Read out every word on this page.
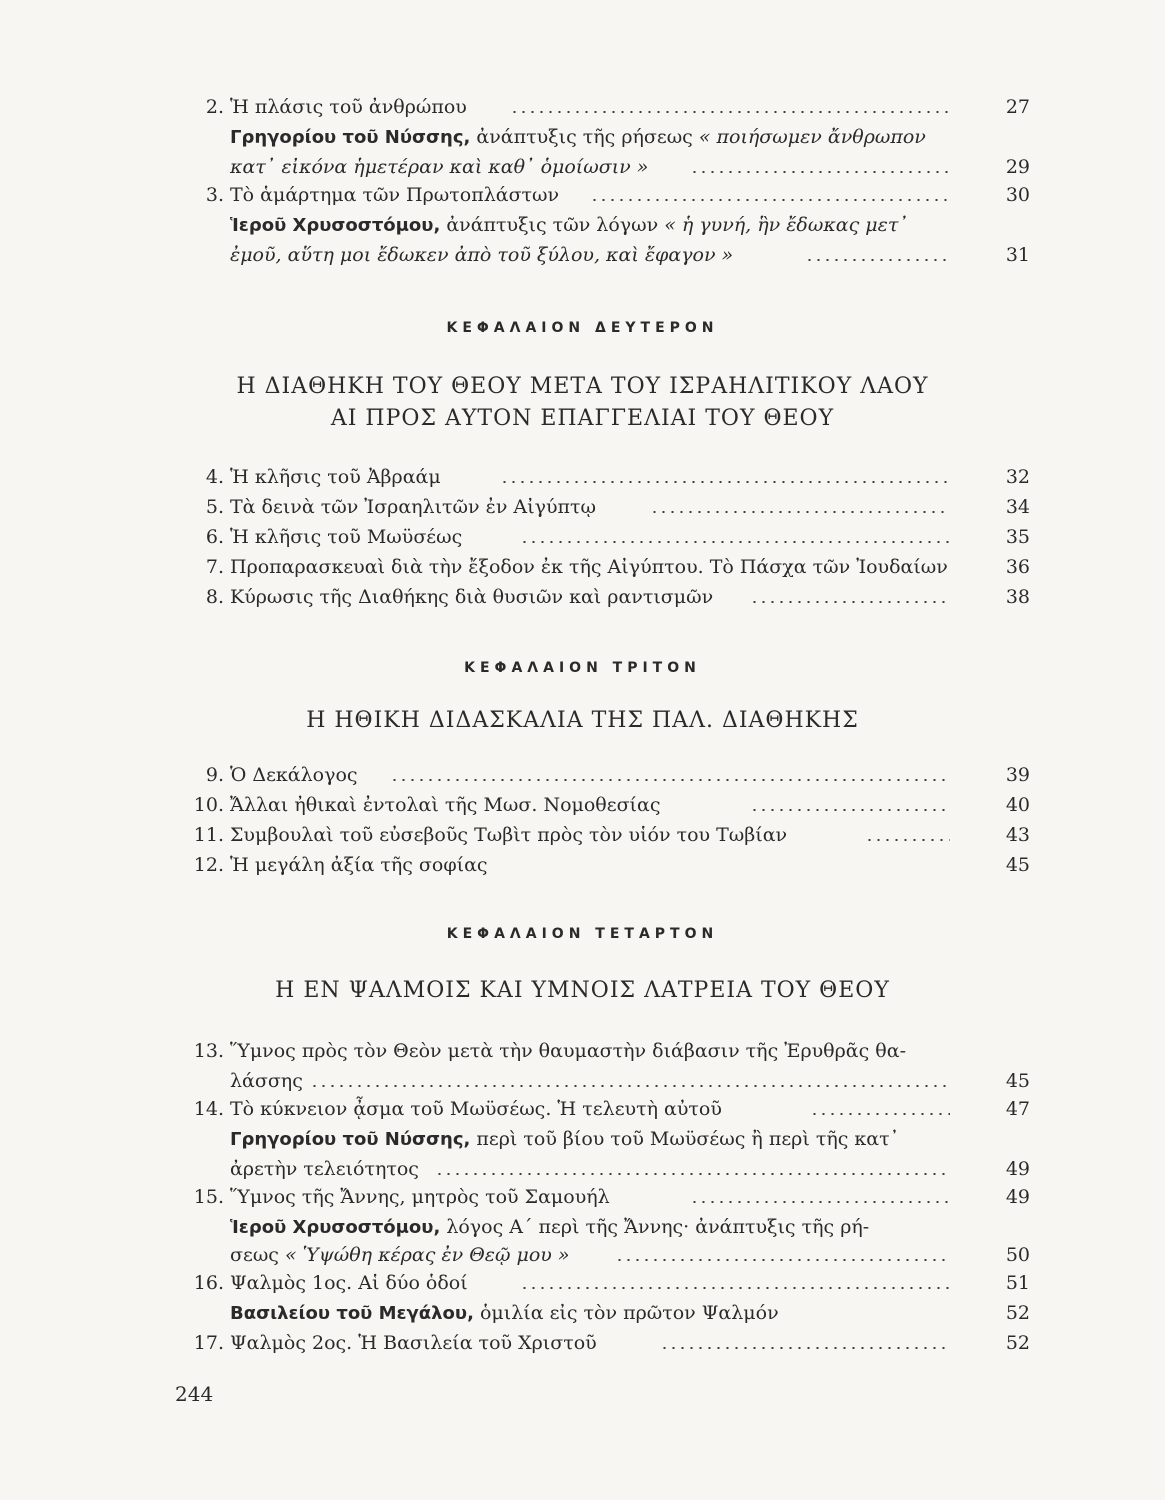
2. Ἡ πλάσις τοῦ ἀνθρώπου	27
Γρηγορίου τοῦ Νύσσης, ἀνάπτυξις τῆς ρήσεως « ποιήσωμεν ἄνθρωπον
κατ᾽ εἰκόνα ἡμετέραν καὶ καθ᾽ ὁμοίωσιν »	29
3. Τὸ ἁμάρτημα τῶν Πρωτοπλάστων	30
Ἱεροῦ Χρυσοστόμου, ἀνάπτυξις τῶν λόγων « ἡ γυνή, ἣν ἔδωκας μετ᾽
ἐμοῦ, αὕτη μοι ἔδωκεν ἀπὸ τοῦ ξύλου, καὶ ἔφαγον »	31
ΚΕΦΑΛΑΙΟΝ ΔΕΥΤΕΡΟΝ
Η ΔΙΑΘΗΚΗ ΤΟΥ ΘΕΟΥ ΜΕΤΑ ΤΟΥ ΙΣΡΑΗΛΙΤΙΚΟΥ ΛΑΟΥ
ΑΙ ΠΡΟΣ ΑΥΤΟΝ ΕΠΑΓΓΕΛΙΑΙ ΤΟΥ ΘΕΟΥ
4. Ἡ κλῆσις τοῦ Ἀβραάμ	32
5. Τὰ δεινὰ τῶν Ἰσραηλιτῶν ἐν Αἰγύπτῳ	34
6. Ἡ κλῆσις τοῦ Μωϋσέως	35
7. Προπαρασκευαὶ διὰ τὴν ἔξοδον ἐκ τῆς Αἰγύπτου. Τὸ Πάσχα τῶν Ἰουδαίων	36
8. Κύρωσις τῆς Διαθήκης διὰ θυσιῶν καὶ ραντισμῶν	38
ΚΕΦΑΛΑΙΟΝ ΤΡΙΤΟΝ
Η ΗΘΙΚΗ ΔΙΔΑΣΚΑΛΙΑ ΤΗΣ ΠΑΛ. ΔΙΑΘΗΚΗΣ
9. Ὁ Δεκάλογος	39
10. Ἄλλαι ἠθικαὶ ἐντολαὶ τῆς Μωσ. Νομοθεσίας	40
11. Συμβουλαὶ τοῦ εὐσεβοῦς Τωβὶτ πρὸς τὸν υἱόν του Τωβίαν	43
12. Ἡ μεγάλη ἀξία τῆς σοφίας	45
ΚΕΦΑΛΑΙΟΝ ΤΕΤΑΡΤΟΝ
Η ΕΝ ΨΑΛΜΟΙΣ ΚΑΙ ΥΜΝΟΙΣ ΛΑΤΡΕΙΑ ΤΟΥ ΘΕΟΥ
13. Ὕμνος πρὸς τὸν Θεὸν μετὰ τὴν θαυμαστὴν διάβασιν τῆς Ἐρυθρᾶς θα-
λάσσης	45
14. Τὸ κύκνειον ᾆσμα τοῦ Μωϋσέως. Ἡ τελευτὴ αὐτοῦ	47
Γρηγορίου τοῦ Νύσσης, περὶ τοῦ βίου τοῦ Μωϋσέως ἢ περὶ τῆς κατ᾽
ἀρετὴν τελειότητος	49
15. Ὕμνος τῆς Ἄννης, μητρὸς τοῦ Σαμουήλ	49
Ἱεροῦ Χρυσοστόμου, λόγος Α΄ περὶ τῆς Ἄννης· ἀνάπτυξις τῆς ρή-
σεως « Ὑψώθη κέρας ἐν Θεῷ μου »	50
16. Ψαλμὸς 1ος. Αἱ δύο ὁδοί	51
Βασιλείου τοῦ Μεγάλου, ὁμιλία εἰς τὸν πρῶτον Ψαλμόν	52
17. Ψαλμὸς 2ος. Ἡ Βασιλεία τοῦ Χριστοῦ	52
244
